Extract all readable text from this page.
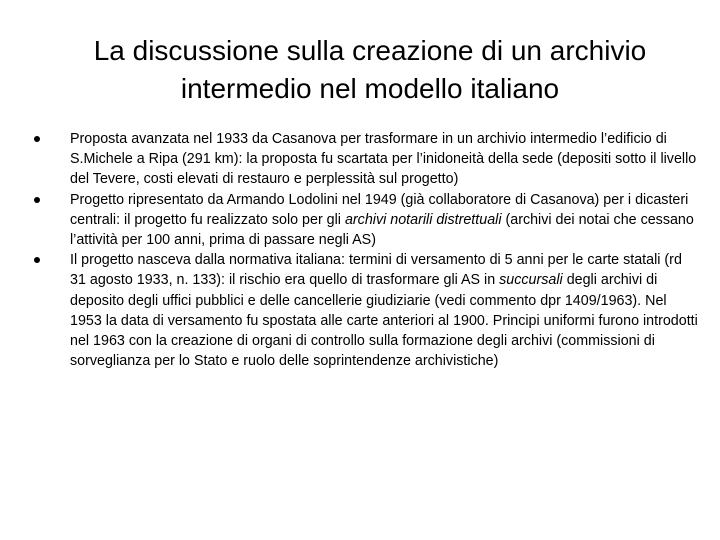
La discussione sulla creazione di un archivio
intermedio nel modello italiano
Proposta avanzata nel 1933 da Casanova per trasformare in un archivio intermedio l’edificio di S.Michele a Ripa (291 km): la proposta fu scartata per l’inidoneità della sede (depositi sotto il livello del Tevere, costi elevati di restauro e perplessità sul progetto)
Progetto ripresentato da Armando Lodolini nel 1949 (già collaboratore di Casanova) per i dicasteri centrali: il progetto fu realizzato solo per gli archivi notarili distrettuali (archivi dei notai che cessano l’attività per 100 anni, prima di passare negli AS)
Il progetto nasceva dalla normativa italiana: termini di versamento di 5 anni per le carte statali (rd 31 agosto 1933, n. 133): il rischio era quello di trasformare gli AS in succursali degli archivi di deposito degli uffici pubblici e delle cancellerie giudiziarie (vedi commento dpr 1409/1963). Nel 1953 la data di versamento fu spostata alle carte anteriori al 1900. Principi uniformi furono introdotti nel 1963 con la creazione di organi di controllo sulla formazione degli archivi (commissioni di sorveglianza per lo Stato e ruolo delle soprintendenze archivistiche)
